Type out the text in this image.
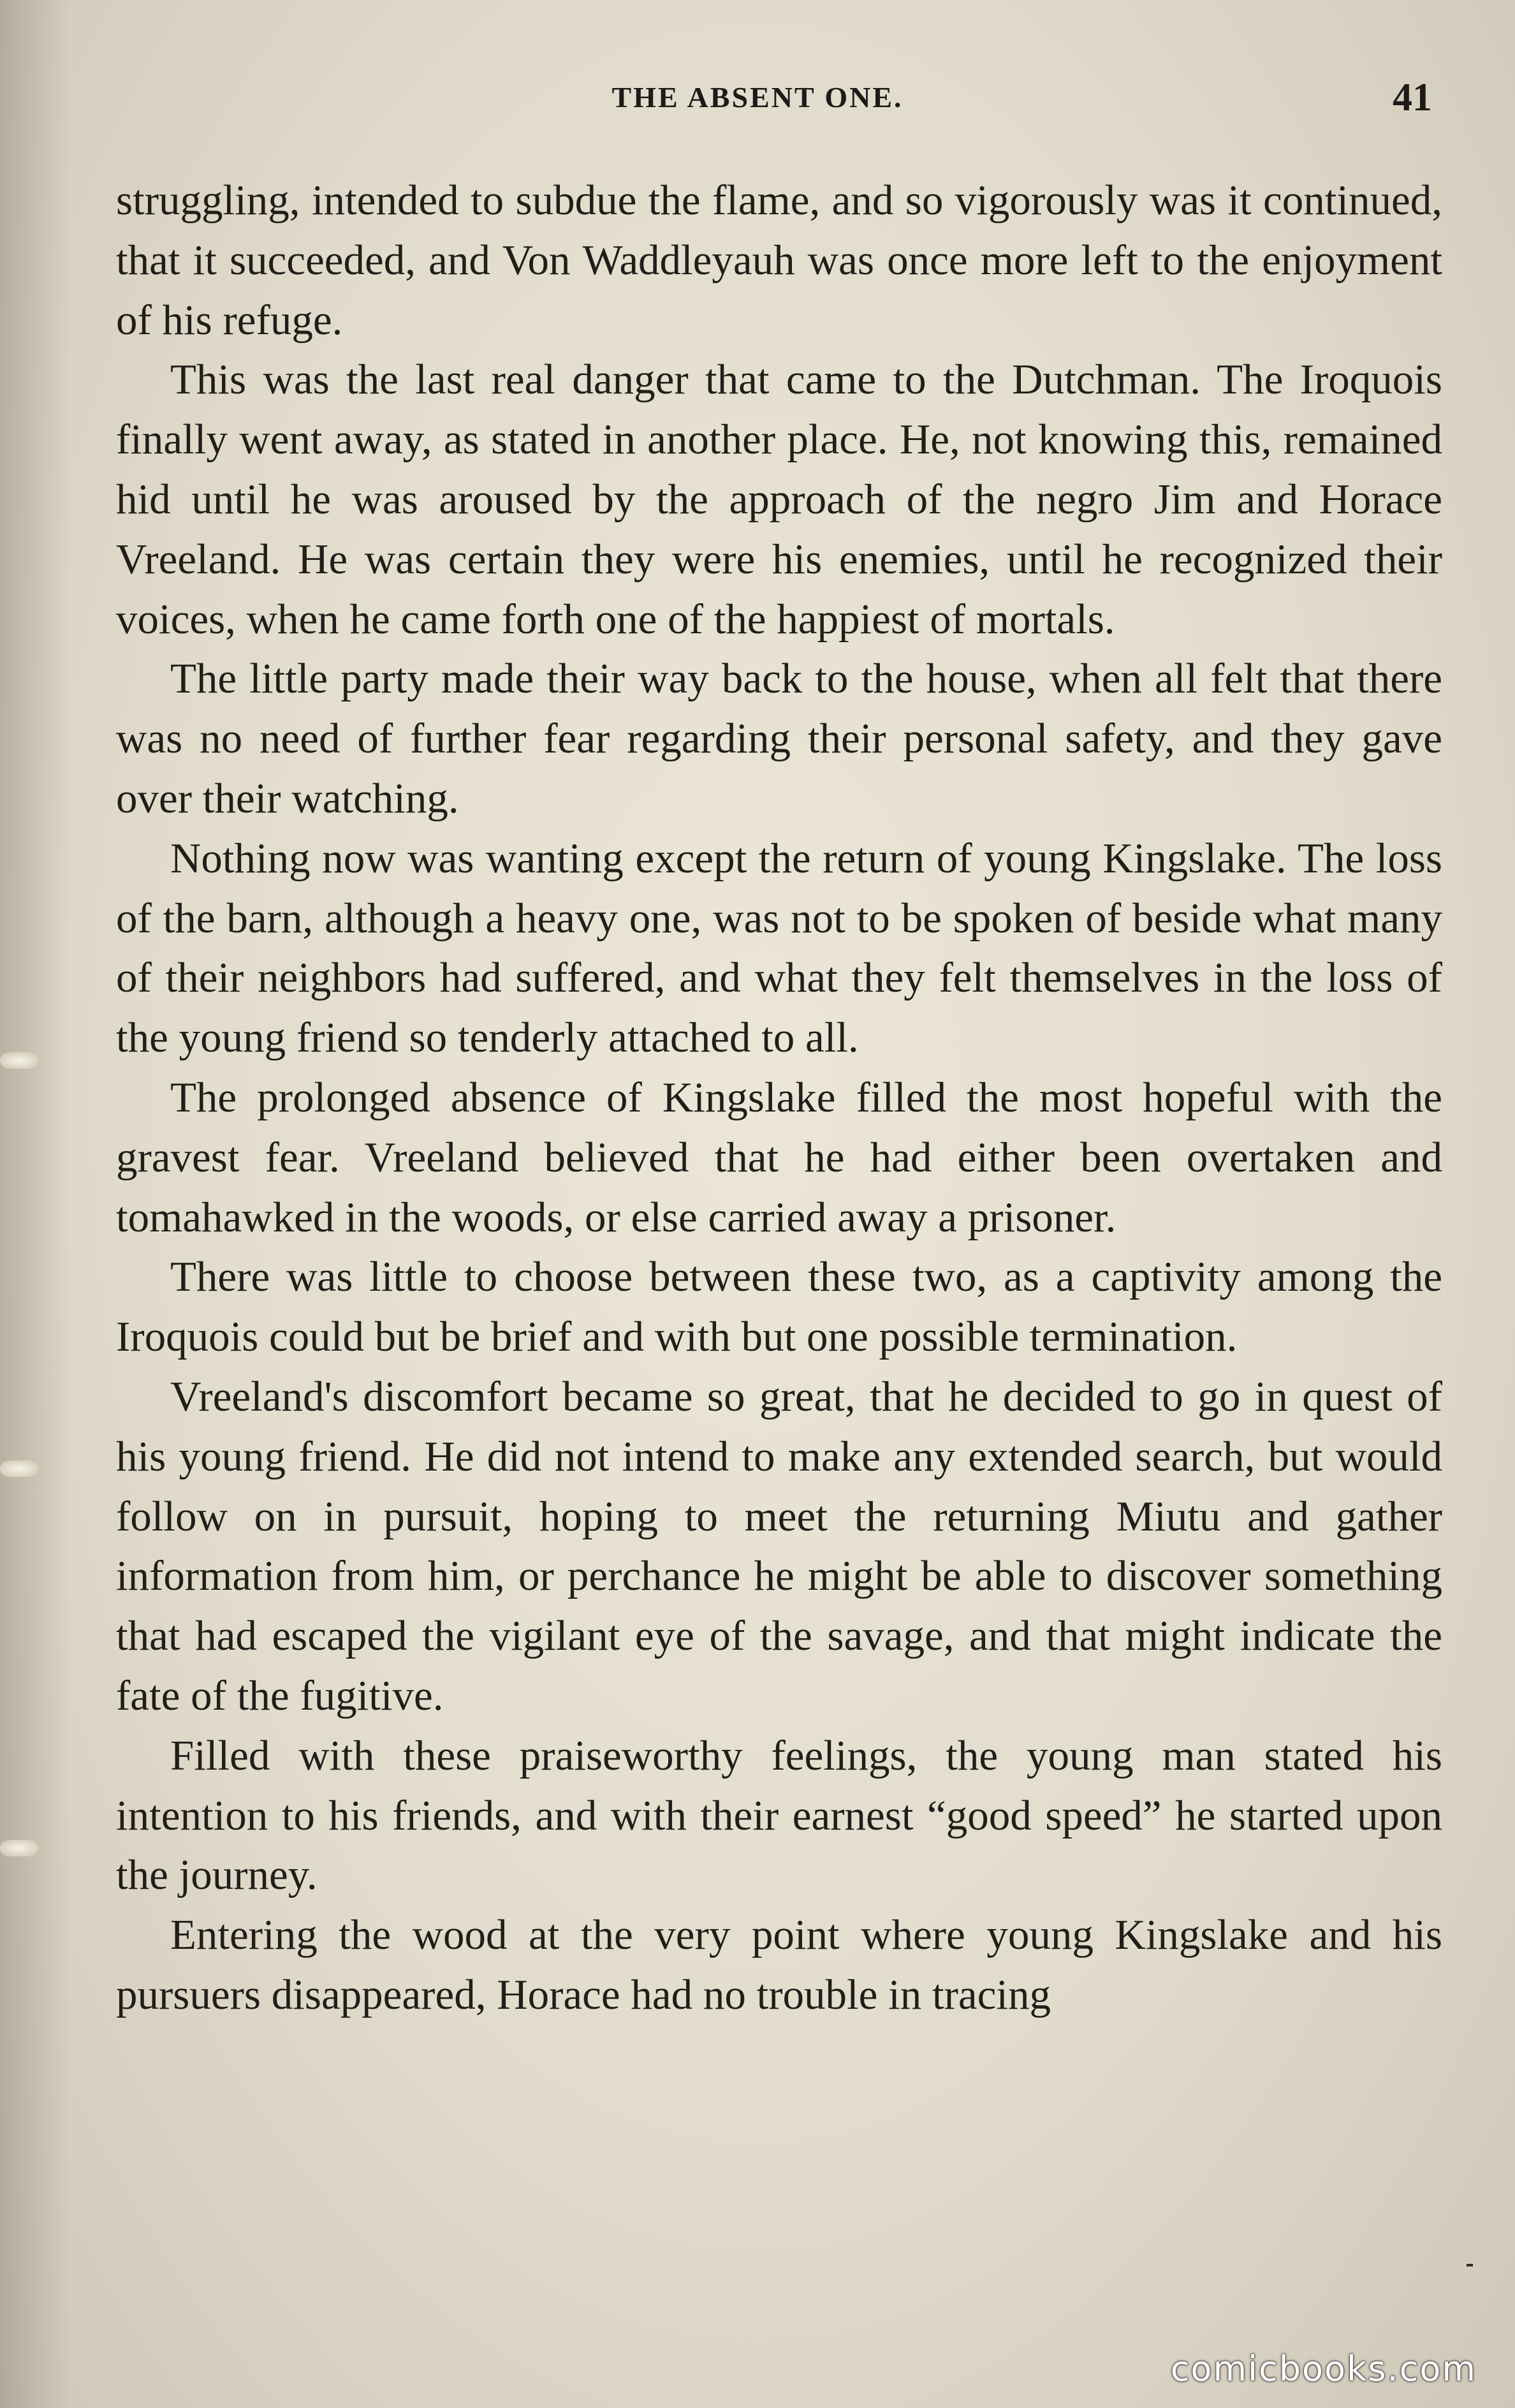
THE ABSENT ONE.	41

struggling, intended to subdue the flame, and so vigorously was it continued, that it succeeded, and Von Waddleyauh was once more left to the enjoyment of his refuge.

This was the last real danger that came to the Dutchman. The Iroquois finally went away, as stated in another place. He, not knowing this, remained hid until he was aroused by the approach of the negro Jim and Horace Vreeland. He was certain they were his enemies, until he recognized their voices, when he came forth one of the happiest of mortals.

The little party made their way back to the house, when all felt that there was no need of further fear regarding their personal safety, and they gave over their watching.

Nothing now was wanting except the return of young Kingslake. The loss of the barn, although a heavy one, was not to be spoken of beside what many of their neighbors had suffered, and what they felt themselves in the loss of the young friend so tenderly attached to all.

The prolonged absence of Kingslake filled the most hopeful with the gravest fear. Vreeland believed that he had either been overtaken and tomahawked in the woods, or else carried away a prisoner.

There was little to choose between these two, as a captivity among the Iroquois could but be brief and with but one possible termination.

Vreeland's discomfort became so great, that he decided to go in quest of his young friend. He did not intend to make any extended search, but would follow on in pursuit, hoping to meet the returning Miutu and gather information from him, or perchance he might be able to discover something that had escaped the vigilant eye of the savage, and that might indicate the fate of the fugitive.

Filled with these praiseworthy feelings, the young man stated his intention to his friends, and with their earnest “good speed” he started upon the journey.

Entering the wood at the very point where young Kingslake and his pursuers disappeared, Horace had no trouble in tracing

comicbooks.com
